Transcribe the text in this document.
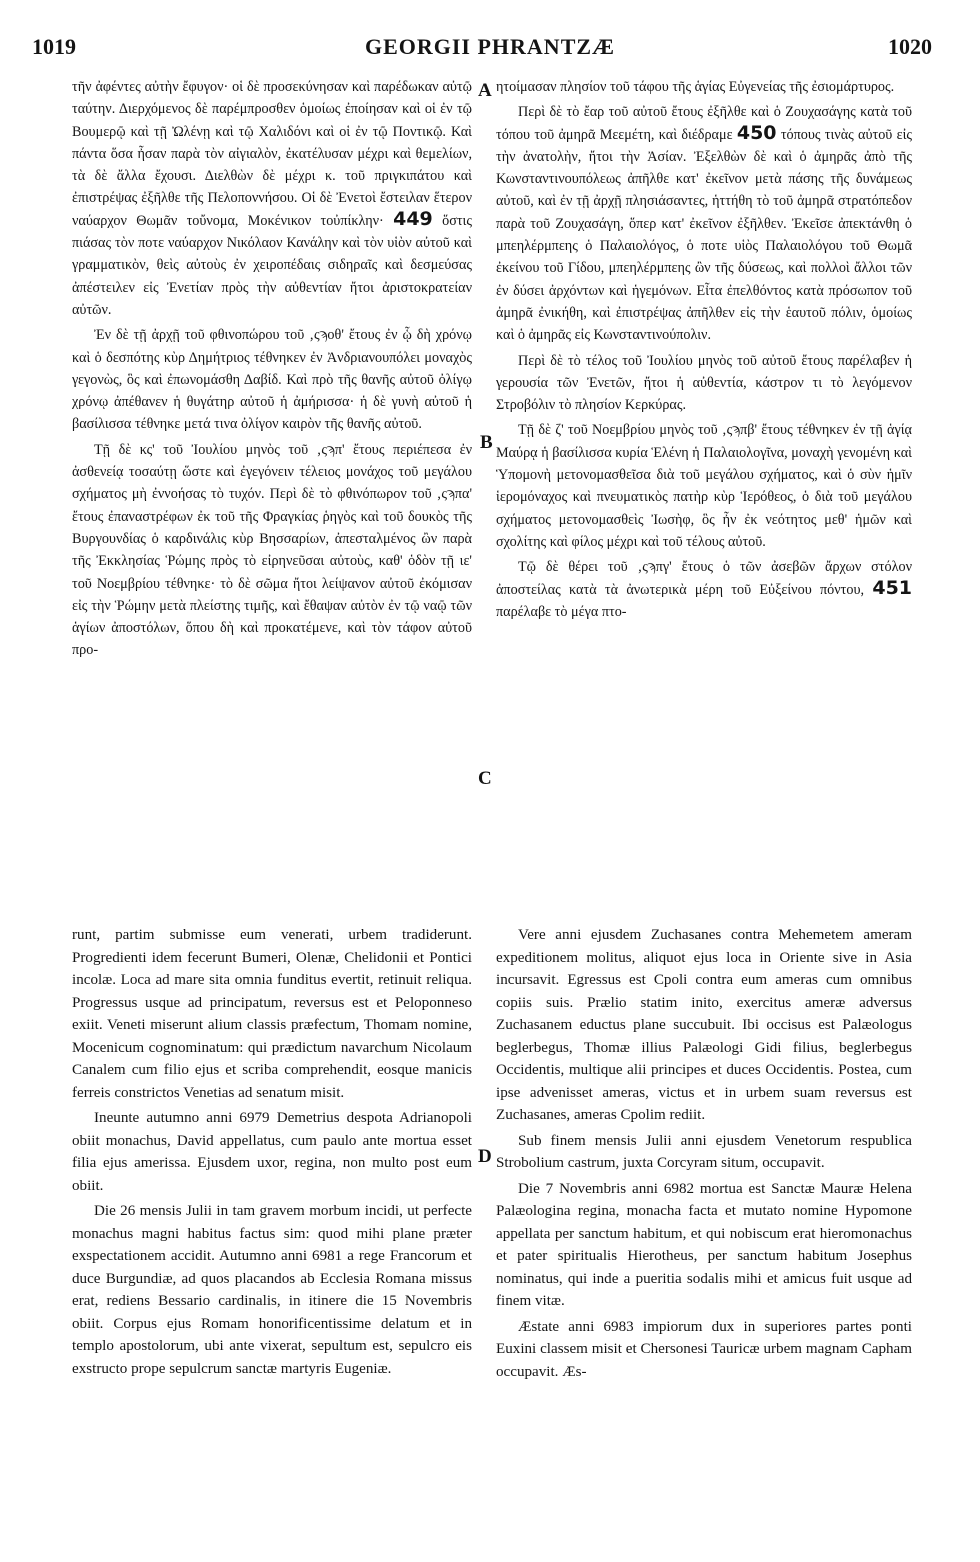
1019	GEORGII PHRANTZÆ	1020
A
B
C
D

τῆν ἀφέντες αὐτὴν ἔφυγον· οἱ δὲ προσεκύνησαν καὶ παρέδωκαν αὐτῷ ταύτην. Διερχόμενος δὲ παρέμπροσθεν ὁμοίως ἐποίησαν καὶ οἱ ἐν τῷ Βουμερῷ καὶ τῇ Ὠλένῃ καὶ τῷ Χαλιδόνι καὶ οἱ ἐν τῷ Ποντικῷ. Καὶ πάντα ὅσα ἦσαν παρὰ τὸν αἰγιαλὸν, ἐκατέλυσαν μέχρι καὶ θεμελίων, τὰ δὲ ἄλλα ἔχουσι. Διελθὼν δὲ μέχρι κ. τοῦ πριγκιπάτου καὶ ἐπιστρέψας ἐξῆλθε τῆς Πελοποννήσου. Οἱ δὲ Ἐνετοὶ ἔστειλαν ἕτερον ναύαρχον Θωμᾶν τοὔνομα, Μοκένικον τοὐπίκλην· 449 ὅστις πιάσας τὸν ποτε ναύαρχον Νικόλαον Κανάλην καὶ τὸν υἱὸν αὐτοῦ καὶ γραμματικὸν, θεὶς αὐτοὺς ἐν χειροπέδαις σιδηραῖς καὶ δεσμεύσας ἀπέστειλεν εἰς Ἐνετίαν πρὸς τὴν αὐθεντίαν ἤτοι ἀριστοκρατείαν αὐτῶν.

Ἐν δὲ τῇ ἀρχῇ τοῦ φθινοπώρου τοῦ ‚ςϡοθ' ἔτους ἐν ᾧ δὴ χρόνῳ καὶ ὁ δεσπότης κὺρ Δημήτριος τέθνηκεν ἐν Ἀνδριανουπόλει μοναχὸς γεγονὼς, ὃς καὶ ἐπωνομάσθη Δαβίδ. Καὶ πρὸ τῆς θανῆς αὐτοῦ ὀλίγῳ χρόνῳ ἀπέθανεν ἡ θυγάτηρ αὐτοῦ ἡ ἀμήρισσα· ἡ δὲ γυνὴ αὐτοῦ ἡ βασίλισσα τέθνηκε μετά τινα ὀλίγον καιρὸν τῆς θανῆς αὐτοῦ.

Τῇ δὲ κς' τοῦ Ἰουλίου μηνὸς τοῦ ‚ςϡπ' ἔτους περιέπεσα ἐν ἀσθενείᾳ τοσαύτῃ ὥστε καὶ ἐγεγόνειν τέλειος μονάχος τοῦ μεγάλου σχήματος μὴ ἐννοήσας τὸ τυχόν. Περὶ δὲ τὸ φθινόπωρον τοῦ ‚ςϡπα' ἔτους ἐπαναστρέφων ἐκ τοῦ τῆς Φραγκίας ῥηγὸς καὶ τοῦ δουκὸς τῆς Βυργουνδίας ὁ καρδινάλις κὺρ Βησσαρίων, ἀπεσταλμένος ὢν παρὰ τῆς Ἐκκλησίας Ῥώμης πρὸς τὸ εἰρηνεῦσαι αὐτοὺς, καθ' ὁδὸν τῇ ιε' τοῦ Νοεμβρίου τέθνηκε· τὸ δὲ σῶμα ἤτοι λείψανον αὐτοῦ ἐκόμισαν εἰς τὴν Ῥώμην μετὰ πλείστης τιμῆς, καὶ ἔθαψαν αὐτὸν ἐν τῷ ναῷ τῶν ἁγίων ἀποστόλων, ὅπου δὴ καὶ προκατέμενε, καὶ τὸν τάφον αὐτοῦ προ-

ητοίμασαν πλησίον τοῦ τάφου τῆς ἁγίας Εὐγενείας τῆς ἐσιομάρτυρος.

Περὶ δὲ τὸ ἔαρ τοῦ αὐτοῦ ἔτους ἐξῆλθε καὶ ὁ Ζουχασάγης κατὰ τοῦ τόπου τοῦ ἀμηρᾶ Μεεμέτη, καὶ διέδραμε 450 τόπους τινὰς αὐτοῦ εἰς τὴν ἀνατολὴν, ἤτοι τὴν Ἀσίαν. Ἐξελθὼν δὲ καὶ ὁ ἀμηρᾶς ἀπὸ τῆς Κωνσταντινουπόλεως ἀπῆλθε κατ' ἐκεῖνον μετὰ πάσης τῆς δυνάμεως αὐτοῦ, καὶ ἐν τῇ ἀρχῇ πλησιάσαντες, ἡττήθη τὸ τοῦ ἀμηρᾶ στρατόπεδον παρὰ τοῦ Ζουχασάγη, ὅπερ κατ' ἐκεῖνον ἐξῆλθεν. Ἐκεῖσε ἀπεκτάνθη ὁ μπεηλέρμπεης ὁ Παλαιολόγος, ὁ ποτε υἱὸς Παλαιολόγου τοῦ Θωμᾶ ἐκείνου τοῦ Γίδου, μπεηλέρμπεης ὢν τῆς δύσεως, καὶ πολλοὶ ἄλλοι τῶν ἐν δύσει ἀρχόντων καὶ ἡγεμόνων. Εἶτα ἐπελθόντος κατὰ πρόσωπον τοῦ ἀμηρᾶ ἐνικήθη, καὶ ἐπιστρέψας ἀπῆλθεν εἰς τὴν ἑαυτοῦ πόλιν, ὁμοίως καὶ ὁ ἀμηρᾶς εἰς Κωνσταντινούπολιν.

Περὶ δὲ τὸ τέλος τοῦ Ἰουλίου μηνὸς τοῦ αὐτοῦ ἔτους παρέλαβεν ἡ γερουσία τῶν Ἐνετῶν, ἤτοι ἡ αὐθεντία, κάστρον τι τὸ λεγόμενον Στροβόλιν τὸ πλησίον Κερκύρας.

Τῇ δὲ ζ' τοῦ Νοεμβρίου μηνὸς τοῦ ‚ςϡπβ' ἔτους τέθνηκεν ἐν τῇ ἁγίᾳ Μαύρᾳ ἡ βασίλισσα κυρία Ἑλένη ἡ Παλαιολογῖνα, μοναχὴ γενομένη καὶ Ὑπομονὴ μετονομασθεῖσα διὰ τοῦ μεγάλου σχήματος, καὶ ὁ σὺν ἡμῖν ἱερομόναχος καὶ πνευματικὸς πατὴρ κὺρ Ἱερόθεος, ὁ διὰ τοῦ μεγάλου σχήματος μετονομασθεὶς Ἰωσὴφ, ὃς ἦν ἐκ νεότητος μεθ' ἡμῶν καὶ σχολίτης καὶ φίλος μέχρι καὶ τοῦ τέλους αὐτοῦ.

Τῷ δὲ θέρει τοῦ ‚ςϡπγ' ἔτους ὁ τῶν ἀσεβῶν ἄρχων στόλον ἀποστείλας κατὰ τὰ ἀνωτερικὰ μέρη τοῦ Εὐξείνου πόντου, 451 παρέλαβε τὸ μέγα πτο-

runt, partim submisse eum venerati, urbem tradiderunt. Progredienti idem fecerunt Bumeri, Olenæ, Chelidonii et Pontici incolæ. Loca ad mare sita omnia funditus evertit, retinuit reliqua. Progressus usque ad principatum, reversus est et Peloponneso exiit. Veneti miserunt alium classis præfectum, Thomam nomine, Mocenicum cognominatum: qui prædictum navarchum Nicolaum Canalem cum filio ejus et scriba comprehendit, eosque manicis ferreis constrictos Venetias ad senatum misit.

Ineunte autumno anni 6979 Demetrius despota Adrianopoli obiit monachus, David appellatus, cum paulo ante mortua esset filia ejus amerissa. Ejusdem uxor, regina, non multo post eum obiit.

Die 26 mensis Julii in tam gravem morbum incidi, ut perfecte monachus magni habitus factus sim: quod mihi plane præter exspectationem accidit. Autumno anni 6981 a rege Francorum et duce Burgundiæ, ad quos placandos ab Ecclesia Romana missus erat, rediens Bessario cardinalis, in itinere die 15 Novembris obiit. Corpus ejus Romam honorificentissime delatum et in templo apostolorum, ubi ante vixerat, sepultum est, sepulcro eis exstructo prope sepulcrum sanctæ martyris Eugeniæ.

Vere anni ejusdem Zuchasanes contra Mehemetem ameram expeditionem molitus, aliquot ejus loca in Oriente sive in Asia incursavit. Egressus est Cpoli contra eum ameras cum omnibus copiis suis. Prælio statim inito, exercitus ameræ adversus Zuchasanem eductus plane succubuit. Ibi occisus est Palæologus beglerbegus, Thomæ illius Palæologi Gidi filius, beglerbegus Occidentis, multique alii principes et duces Occidentis. Postea, cum ipse advenisset ameras, victus et in urbem suam reversus est Zuchasanes, ameras Cpolim rediit.

Sub finem mensis Julii anni ejusdem Venetorum respublica Strobolium castrum, juxta Corcyram situm, occupavit.

Die 7 Novembris anni 6982 mortua est Sanctæ Mauræ Helena Palæologina regina, monacha facta et mutato nomine Hypomone appellata per sanctum habitum, et qui nobiscum erat hieromonachus et pater spiritualis Hierotheus, per sanctum habitum Josephus nominatus, qui inde a pueritia sodalis mihi et amicus fuit usque ad finem vitæ.

Æstate anni 6983 impiorum dux in superiores partes ponti Euxini classem misit et Chersonesi Tauricæ urbem magnam Capham occupavit. Æs-
